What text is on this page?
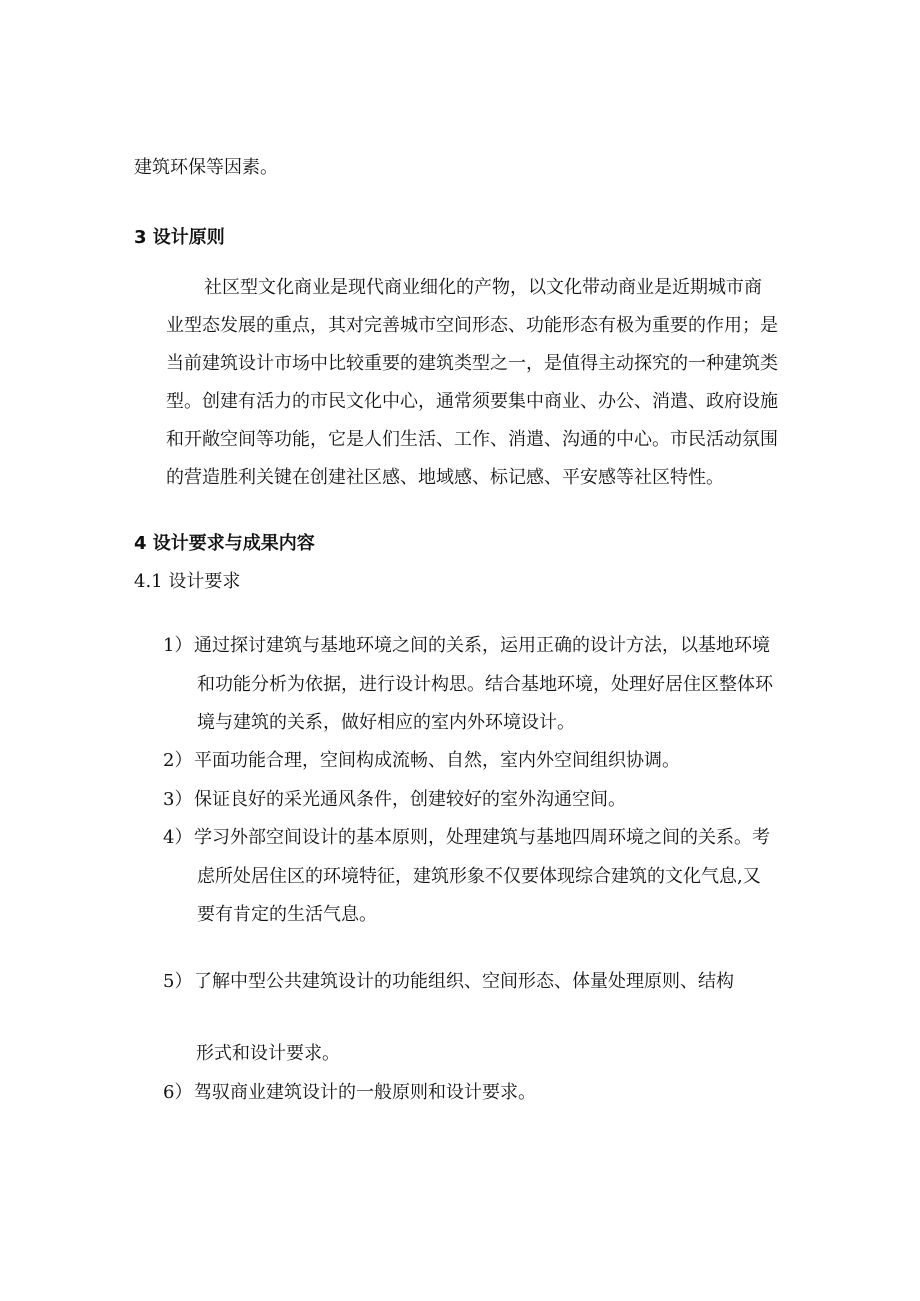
建筑环保等因素。

3 设计原则

社区型文化商业是现代商业细化的产物，以文化带动商业是近期城市商

业型态发展的重点，其对完善城市空间形态、功能形态有极为重要的作用；是

当前建筑设计市场中比较重要的建筑类型之一，是值得主动探究的一种建筑类

型。创建有活力的市民文化中心，通常须要集中商业、办公、消遣、政府设施

和开敞空间等功能，它是人们生活、工作、消遣、沟通的中心。市民活动氛围

的营造胜利关键在创建社区感、地域感、标记感、平安感等社区特性。

4 设计要求与成果内容

4.1 设计要求

1） 通过探讨建筑与基地环境之间的关系，运用正确的设计方法，以基地环境

和功能分析为依据，进行设计构思。结合基地环境，处理好居住区整体环

境与建筑的关系，做好相应的室内外环境设计。

2） 平面功能合理，空间构成流畅、自然，室内外空间组织协调。

3） 保证良好的采光通风条件，创建较好的室外沟通空间。

4） 学习外部空间设计的基本原则，处理建筑与基地四周环境之间的关系。考

虑所处居住区的环境特征，建筑形象不仅要体现综合建筑的文化气息,又

要有肯定的生活气息。

5） 了解中型公共建筑设计的功能组织、空间形态、体量处理原则、结构

形式和设计要求。

6） 驾驭商业建筑设计的一般原则和设计要求。
